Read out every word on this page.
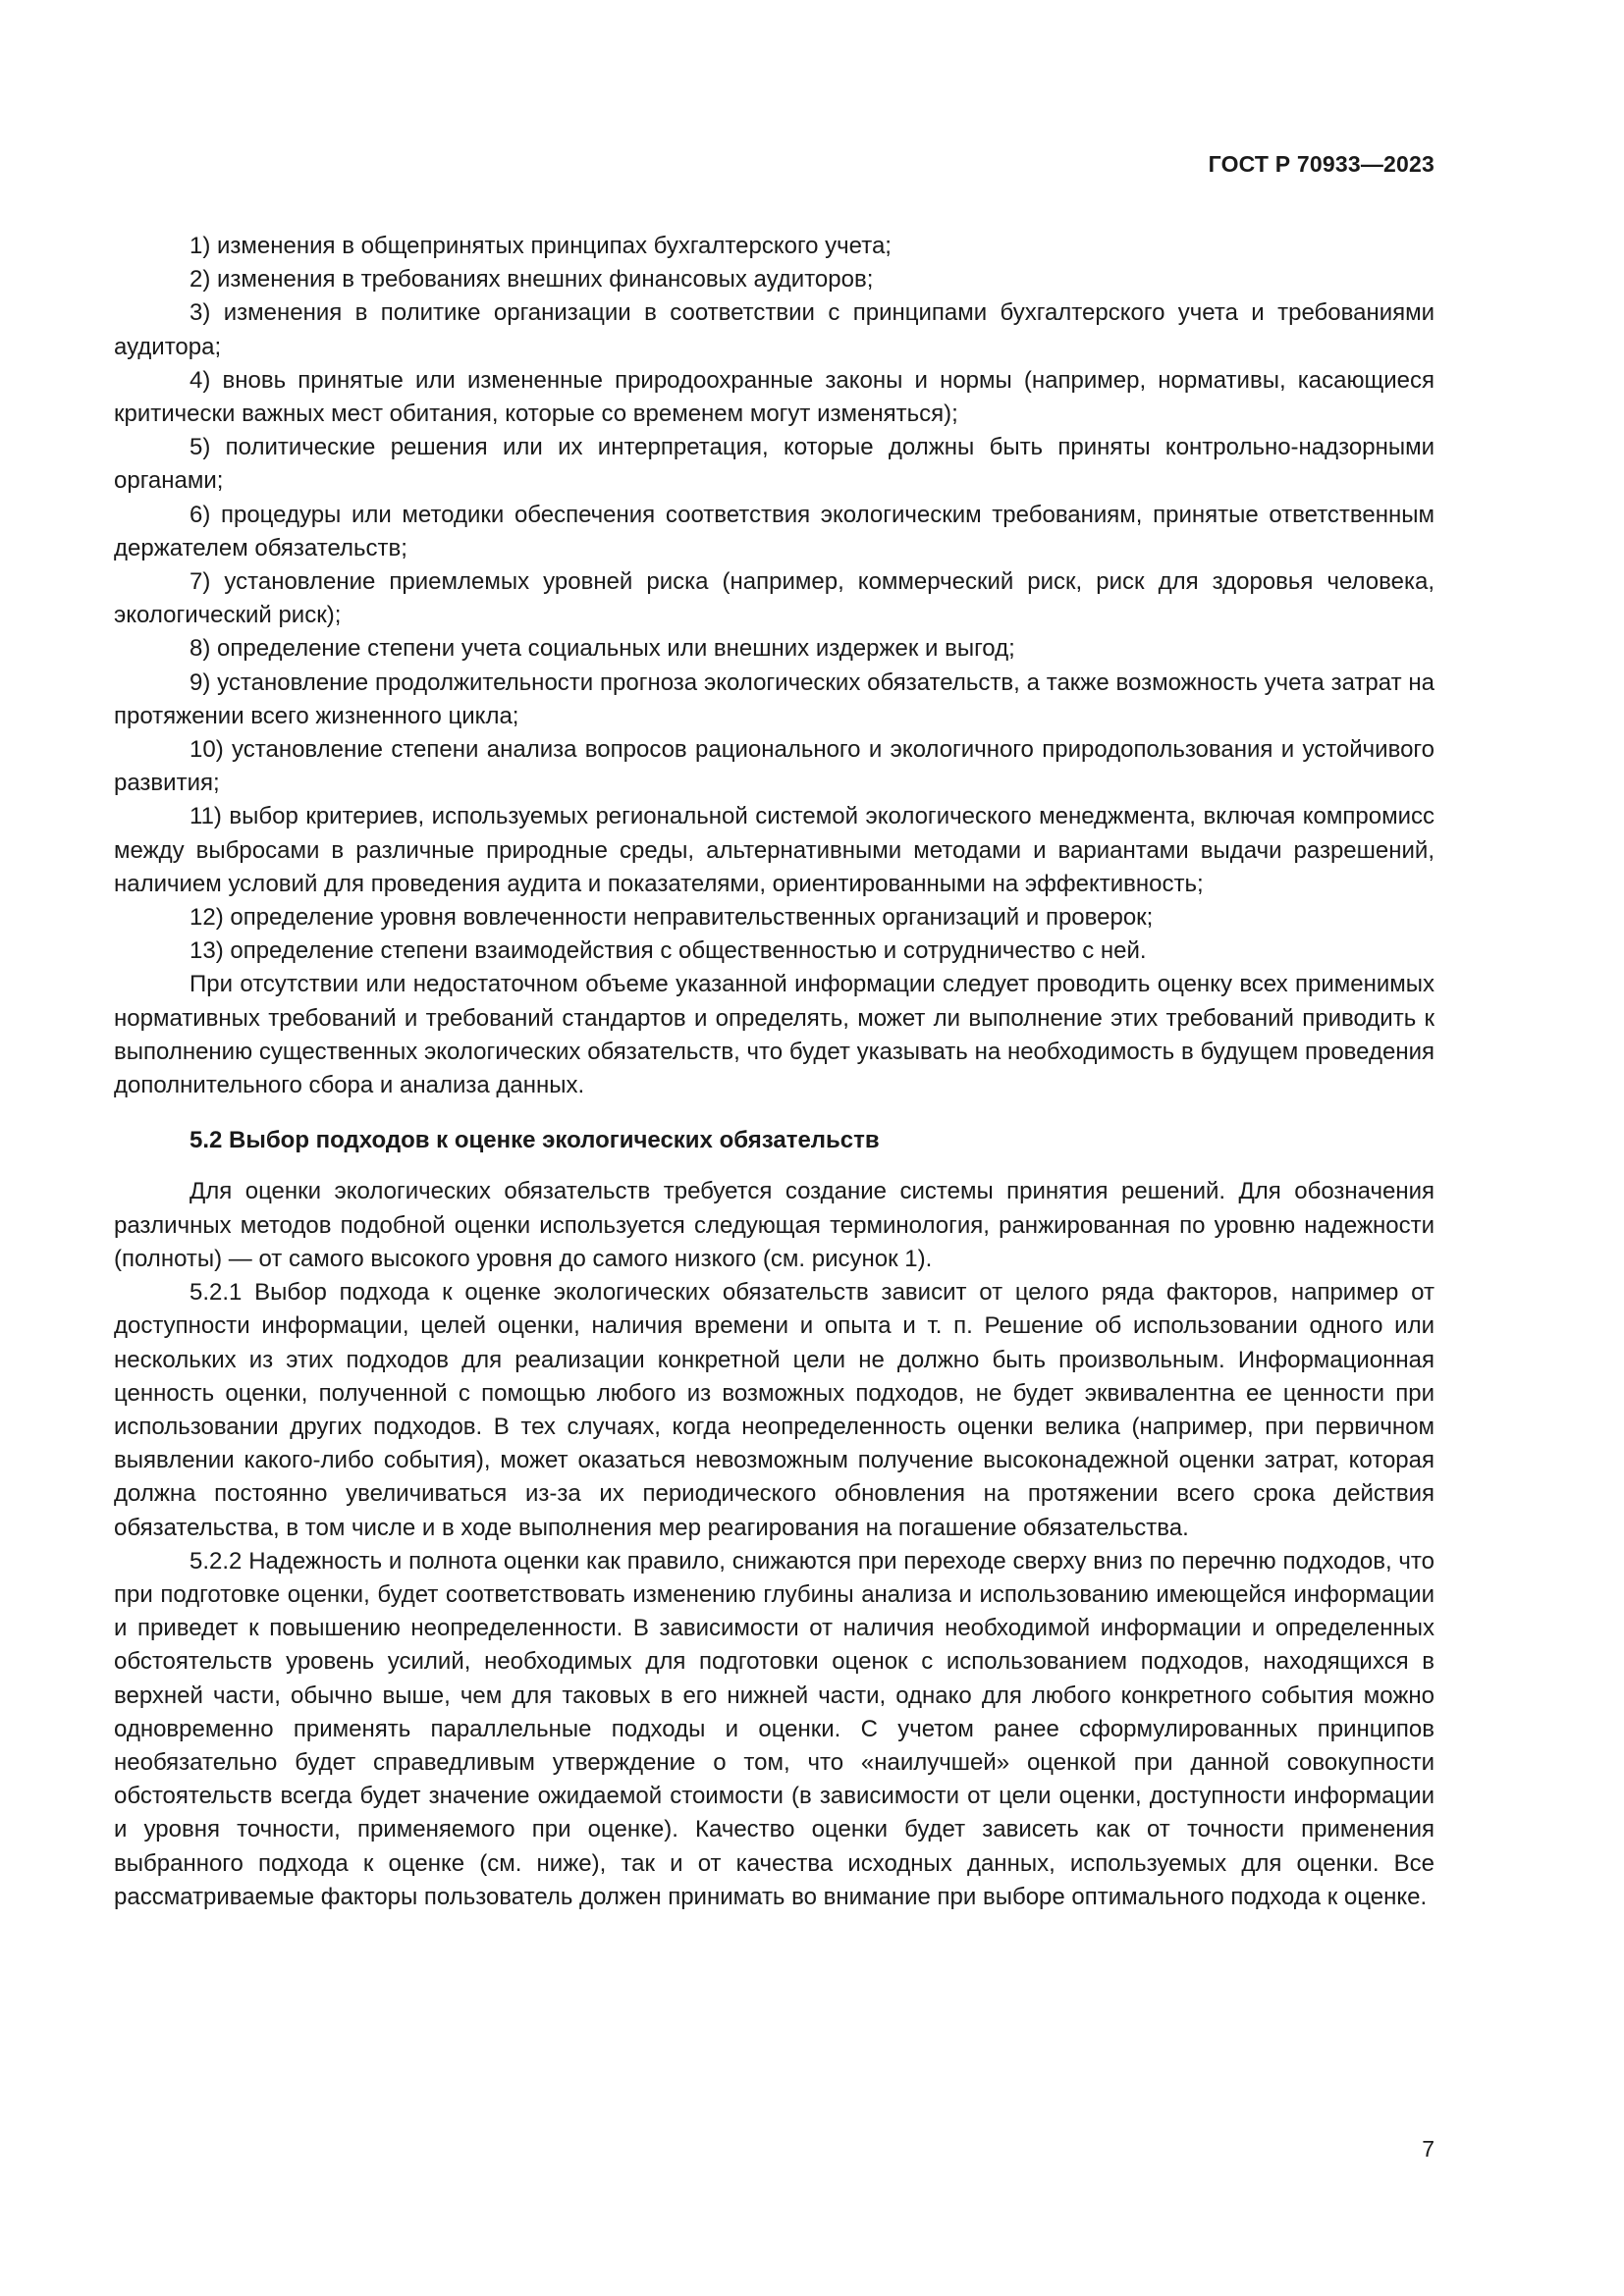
ГОСТ Р 70933—2023

1) изменения в общепринятых принципах бухгалтерского учета;

2) изменения в требованиях внешних финансовых аудиторов;

3) изменения в политике организации в соответствии с принципами бухгалтерского учета и требованиями аудитора;

4) вновь принятые или измененные природоохранные законы и нормы (например, нормативы, касающиеся критически важных мест обитания, которые со временем могут изменяться);

5) политические решения или их интерпретация, которые должны быть приняты контрольно-надзорными органами;

6) процедуры или методики обеспечения соответствия экологическим требованиям, принятые ответственным держателем обязательств;

7) установление приемлемых уровней риска (например, коммерческий риск, риск для здоровья человека, экологический риск);

8) определение степени учета социальных или внешних издержек и выгод;

9) установление продолжительности прогноза экологических обязательств, а также возможность учета затрат на протяжении всего жизненного цикла;

10) установление степени анализа вопросов рационального и экологичного природопользования и устойчивого развития;

11) выбор критериев, используемых региональной системой экологического менеджмента, включая компромисс между выбросами в различные природные среды, альтернативными методами и вариантами выдачи разрешений, наличием условий для проведения аудита и показателями, ориентированными на эффективность;

12) определение уровня вовлеченности неправительственных организаций и проверок;

13) определение степени взаимодействия с общественностью и сотрудничество с ней.

При отсутствии или недостаточном объеме указанной информации следует проводить оценку всех применимых нормативных требований и требований стандартов и определять, может ли выполнение этих требований приводить к выполнению существенных экологических обязательств, что будет указывать на необходимость в будущем проведения дополнительного сбора и анализа данных.

5.2 Выбор подходов к оценке экологических обязательств

Для оценки экологических обязательств требуется создание системы принятия решений. Для обозначения различных методов подобной оценки используется следующая терминология, ранжированная по уровню надежности (полноты) — от самого высокого уровня до самого низкого (см. рисунок 1).

5.2.1 Выбор подхода к оценке экологических обязательств зависит от целого ряда факторов, например от доступности информации, целей оценки, наличия времени и опыта и т. п. Решение об использовании одного или нескольких из этих подходов для реализации конкретной цели не должно быть произвольным. Информационная ценность оценки, полученной с помощью любого из возможных подходов, не будет эквивалентна ее ценности при использовании других подходов. В тех случаях, когда неопределенность оценки велика (например, при первичном выявлении какого-либо события), может оказаться невозможным получение высоконадежной оценки затрат, которая должна постоянно увеличиваться из-за их периодического обновления на протяжении всего срока действия обязательства, в том числе и в ходе выполнения мер реагирования на погашение обязательства.

5.2.2 Надежность и полнота оценки как правило, снижаются при переходе сверху вниз по перечню подходов, что при подготовке оценки, будет соответствовать изменению глубины анализа и использованию имеющейся информации и приведет к повышению неопределенности. В зависимости от наличия необходимой информации и определенных обстоятельств уровень усилий, необходимых для подготовки оценок с использованием подходов, находящихся в верхней части, обычно выше, чем для таковых в его нижней части, однако для любого конкретного события можно одновременно применять параллельные подходы и оценки. С учетом ранее сформулированных принципов необязательно будет справедливым утверждение о том, что «наилучшей» оценкой при данной совокупности обстоятельств всегда будет значение ожидаемой стоимости (в зависимости от цели оценки, доступности информации и уровня точности, применяемого при оценке). Качество оценки будет зависеть как от точности применения выбранного подхода к оценке (см. ниже), так и от качества исходных данных, используемых для оценки. Все рассматриваемые факторы пользователь должен принимать во внимание при выборе оптимального подхода к оценке.

7
